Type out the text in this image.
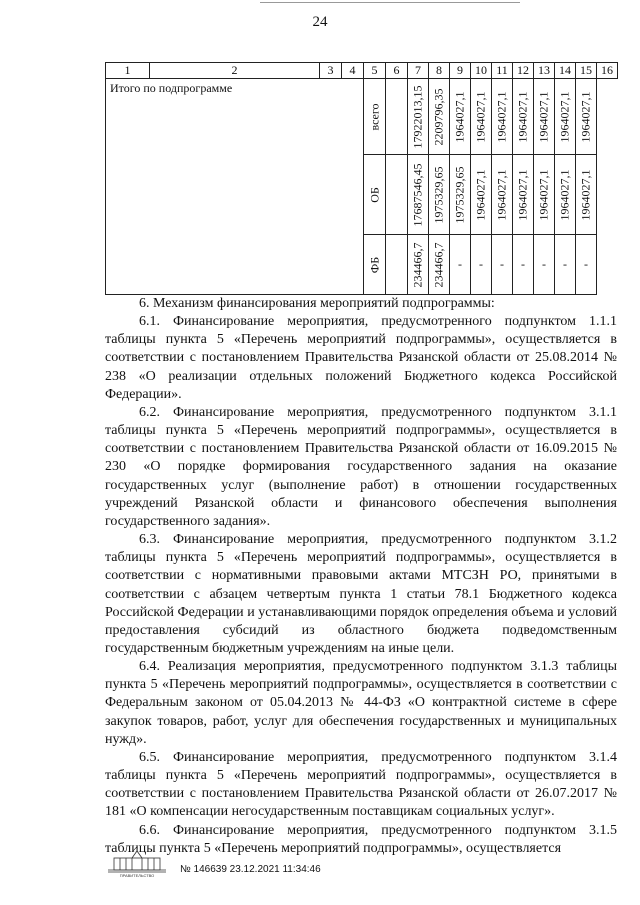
24
1	2	3	4	5	6	7	8	9	10	11	12	13	14	15	16
Итого по подпрограмме				всего		17922013,15	2209796,35	1964027,1	1964027,1	1964027,1	1964027,1	1964027,1	1964027,1	1964027,1	

				ОБ		17687546,45	1975329,65	1975329,65	1964027,1	1964027,1	1964027,1	1964027,1	1964027,1	1964027,1	

				ФБ		234466,7	234466,7	-	-	-	-	-	-	-	

6. Механизм финансирования мероприятий подпрограммы:

6.1. Финансирование мероприятия, предусмотренного подпунктом 1.1.1 таблицы пункта 5 «Перечень мероприятий подпрограммы», осуществляется в соответствии с постановлением Правительства Рязанской области от 25.08.2014 № 238 «О реализации отдельных положений Бюджетного кодекса Российской Федерации».

6.2. Финансирование мероприятия, предусмотренного подпунктом 3.1.1 таблицы пункта 5 «Перечень мероприятий подпрограммы», осуществляется в соответствии с постановлением Правительства Рязанской области от 16.09.2015 № 230 «О порядке формирования государственного задания на оказание государственных услуг (выполнение работ) в отношении государственных учреждений Рязанской области и финансового обеспечения выполнения государственного задания».

6.3. Финансирование мероприятия, предусмотренного подпунктом 3.1.2 таблицы пункта 5 «Перечень мероприятий подпрограммы», осуществляется в соответствии с нормативными правовыми актами МТСЗН РО, принятыми в соответствии с абзацем четвертым пункта 1 статьи 78.1 Бюджетного кодекса Российской Федерации и устанавливающими порядок определения объема и условий предоставления субсидий из областного бюджета подведомственным государственным бюджетным учреждениям на иные цели.

6.4. Реализация мероприятия, предусмотренного подпунктом 3.1.3 таблицы пункта 5 «Перечень мероприятий подпрограммы», осуществляется в соответствии с Федеральным законом от 05.04.2013 № 44-ФЗ «О контрактной системе в сфере закупок товаров, работ, услуг для обеспечения государственных и муниципальных нужд».

6.5. Финансирование мероприятия, предусмотренного подпунктом 3.1.4 таблицы пункта 5 «Перечень мероприятий подпрограммы», осуществляется в соответствии с постановлением Правительства Рязанской области от 26.07.2017 № 181 «О компенсации негосударственным поставщикам социальных услуг».

6.6. Финансирование мероприятия, предусмотренного подпунктом 3.1.5 таблицы пункта 5 «Перечень мероприятий подпрограммы», осуществляется

ПРАВИТЕЛЬСТВО
№ 146639 23.12.2021 11:34:46
